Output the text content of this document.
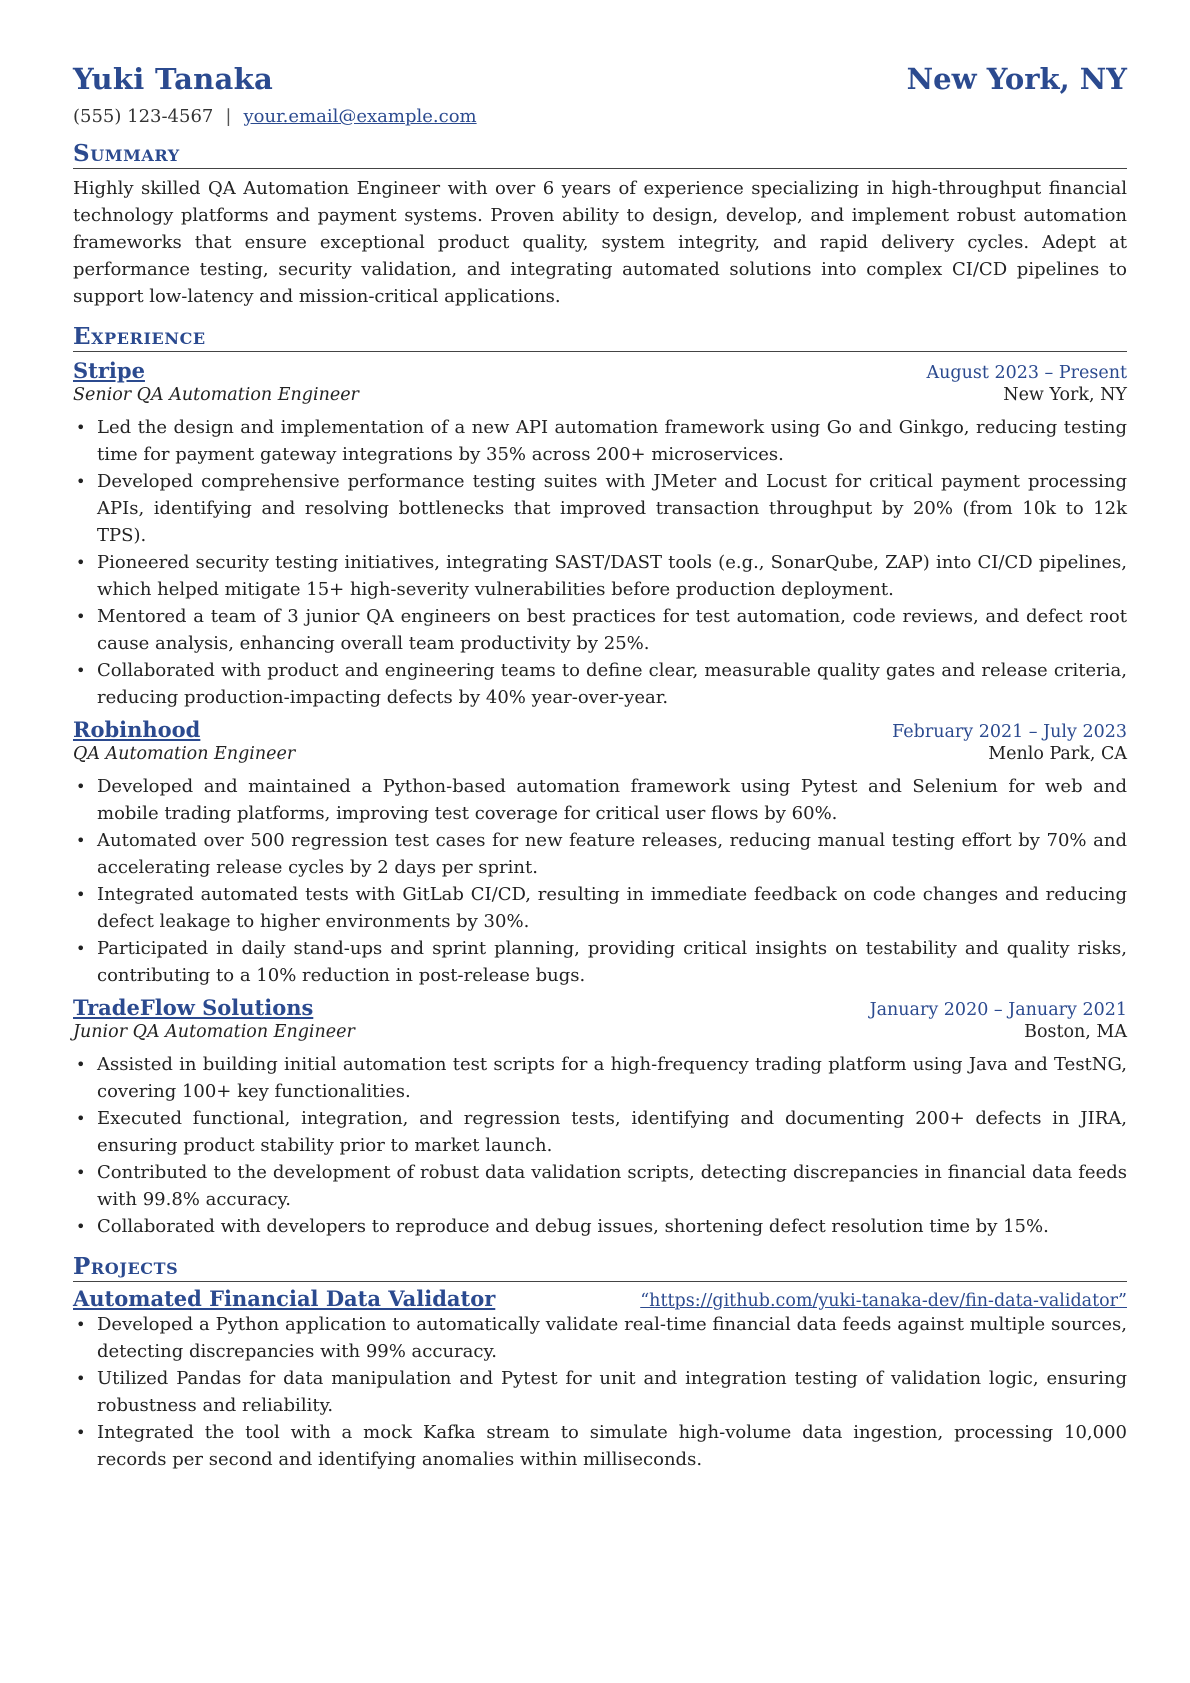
Yuki Tanaka	New York, NY
(555) 123-4567 | your.email@example.com
Summary
Highly skilled QA Automation Engineer with over 6 years of experience specializing in high-throughput financial technology platforms and payment systems. Proven ability to design, develop, and implement robust automation frameworks that ensure exceptional product quality, system integrity, and rapid delivery cycles. Adept at performance testing, security validation, and integrating automated solutions into complex CI/CD pipelines to support low-latency and mission-critical applications.
Experience
Stripe	August 2023 – Present
Senior QA Automation Engineer	New York, NY
• Led the design and implementation of a new API automation framework using Go and Ginkgo, reducing testing time for payment gateway integrations by 35% across 200+ microservices.
• Developed comprehensive performance testing suites with JMeter and Locust for critical payment processing APIs, identifying and resolving bottlenecks that improved transaction throughput by 20% (from 10k to 12k TPS).
• Pioneered security testing initiatives, integrating SAST/DAST tools (e.g., SonarQube, ZAP) into CI/CD pipelines, which helped mitigate 15+ high-severity vulnerabilities before production deployment.
• Mentored a team of 3 junior QA engineers on best practices for test automation, code reviews, and defect root cause analysis, enhancing overall team productivity by 25%.
• Collaborated with product and engineering teams to define clear, measurable quality gates and release criteria, reducing production-impacting defects by 40% year-over-year.
Robinhood	February 2021 – July 2023
QA Automation Engineer	Menlo Park, CA
• Developed and maintained a Python-based automation framework using Pytest and Selenium for web and mobile trading platforms, improving test coverage for critical user flows by 60%.
• Automated over 500 regression test cases for new feature releases, reducing manual testing effort by 70% and accelerating release cycles by 2 days per sprint.
• Integrated automated tests with GitLab CI/CD, resulting in immediate feedback on code changes and reducing defect leakage to higher environments by 30%.
• Participated in daily stand-ups and sprint planning, providing critical insights on testability and quality risks, contributing to a 10% reduction in post-release bugs.
TradeFlow Solutions	January 2020 – January 2021
Junior QA Automation Engineer	Boston, MA
• Assisted in building initial automation test scripts for a high-frequency trading platform using Java and TestNG, covering 100+ key functionalities.
• Executed functional, integration, and regression tests, identifying and documenting 200+ defects in JIRA, ensuring product stability prior to market launch.
• Contributed to the development of robust data validation scripts, detecting discrepancies in financial data feeds with 99.8% accuracy.
• Collaborated with developers to reproduce and debug issues, shortening defect resolution time by 15%.
Projects
Automated Financial Data Validator	“https://github.com/yuki-tanaka-dev/fin-data-validator”
• Developed a Python application to automatically validate real-time financial data feeds against multiple sources, detecting discrepancies with 99% accuracy.
• Utilized Pandas for data manipulation and Pytest for unit and integration testing of validation logic, ensuring robustness and reliability.
• Integrated the tool with a mock Kafka stream to simulate high-volume data ingestion, processing 10,000 records per second and identifying anomalies within milliseconds.
